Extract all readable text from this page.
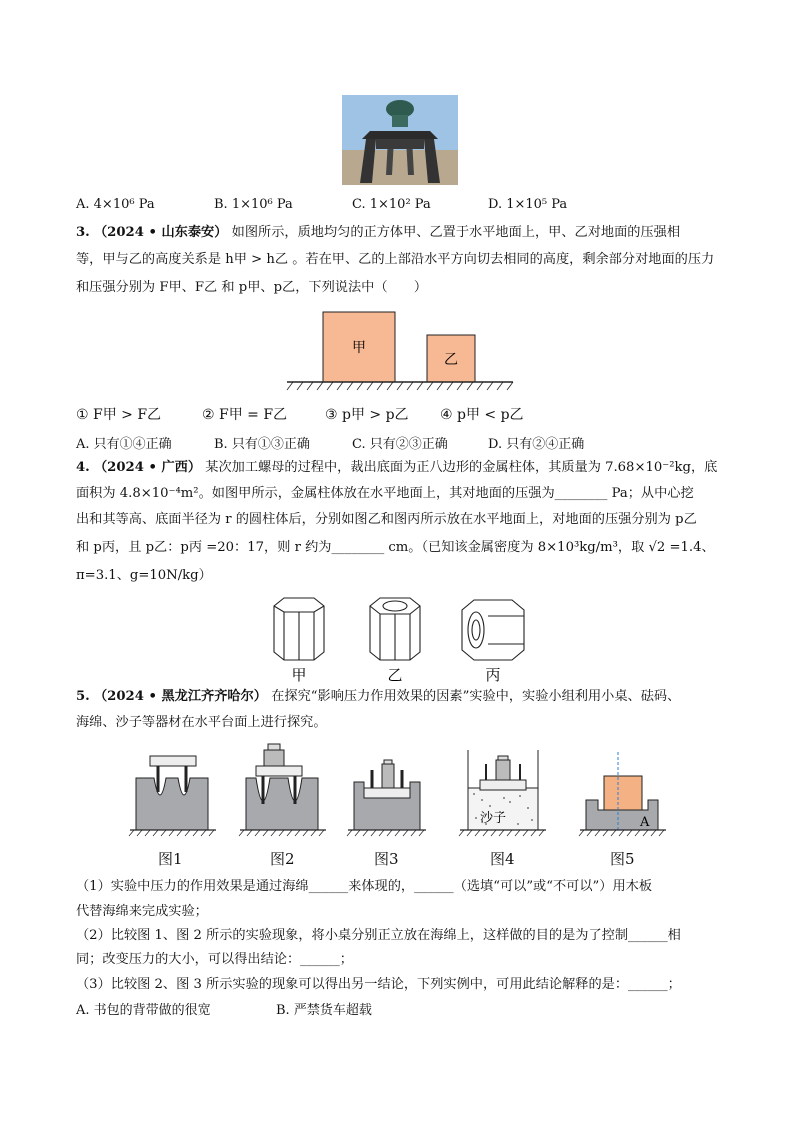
A. 4×10⁶ Pa	B. 1×10⁶ Pa	C. 1×10² Pa	D. 1×10⁵ Pa
3. （2024 • 山东泰安） 如图所示，质地均匀的正方体甲、乙置于水平地面上，甲、乙对地面的压强相
等，甲与乙的高度关系是 h甲 > h乙 。若在甲、乙的上部沿水平方向切去相同的高度，剩余部分对地面的压力
和压强分别为 F甲、F乙 和 p甲、p乙，下列说法中（　　）
甲
乙
① F甲 > F乙	② F甲 = F乙	③ p甲 > p乙 ④ p甲 < p乙
A. 只有①④正确	B. 只有①③正确	C. 只有②③正确	D. 只有②④正确
4. （2024 • 广西） 某次加工螺母的过程中，裁出底面为正八边形的金属柱体，其质量为 7.68×10⁻²kg，底
面积为 4.8×10⁻⁴m²。如图甲所示，金属柱体放在水平地面上，其对地面的压强为________ Pa；从中心挖
出和其等高、底面半径为 r 的圆柱体后，分别如图乙和图丙所示放在水平地面上，对地面的压强分别为 p乙
和 p丙，且 p乙：p丙 =20：17，则 r 约为________ cm。（已知该金属密度为 8×10³kg/m³，取 √2 =1.4、
π=3.1、g=10N/kg）
甲	乙	丙
5. （2024 • 黑龙江齐齐哈尔） 在探究“影响压力作用效果的因素”实验中，实验小组利用小桌、砝码、
海绵、沙子等器材在水平台面上进行探究。
沙子	A
图1	图2	图3	图4	图5
（1）实验中压力的作用效果是通过海绵______来体现的，______（选填“可以”或“不可以”）用木板
代替海绵来完成实验；
（2）比较图 1、图 2 所示的实验现象，将小桌分别正立放在海绵上，这样做的目的是为了控制______相
同；改变压力的大小，可以得出结论：______；
（3）比较图 2、图 3 所示实验的现象可以得出另一结论，下列实例中，可用此结论解释的是：______；
A. 书包的背带做的很宽	B. 严禁货车超载
